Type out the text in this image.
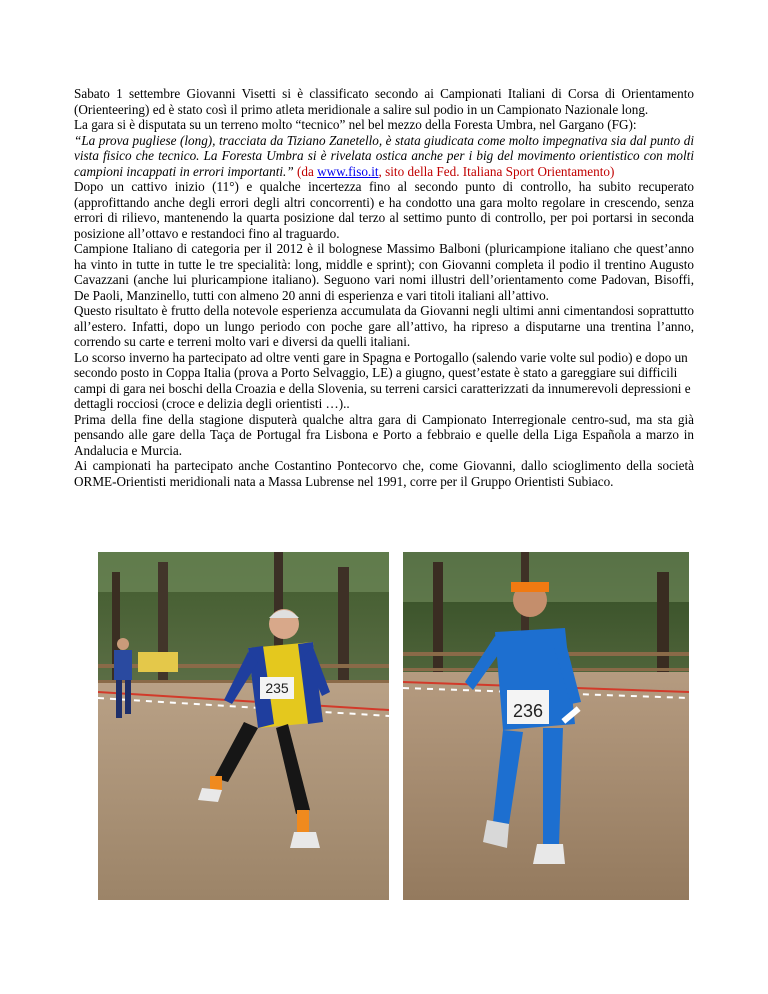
Sabato 1 settembre Giovanni Visetti si è classificato secondo ai Campionati Italiani di Corsa di Orientamento (Orienteering) ed è stato così il primo atleta meridionale a salire sul podio in un Campionato Nazionale long.

La gara si è disputata su un terreno molto “tecnico” nel bel mezzo della Foresta Umbra, nel Gargano (FG):

“La prova pugliese (long), tracciata da Tiziano Zanetello, è stata giudicata come molto impegnativa sia dal punto di vista fisico che tecnico. La Foresta Umbra si è rivelata ostica anche per i big del movimento orientistico con molti campioni incappati in errori importanti.” (da www.fiso.it, sito della Fed. Italiana Sport Orientamento)

Dopo un cattivo inizio (11°) e qualche incertezza fino al secondo punto di controllo, ha subito recuperato (approfittando anche degli errori degli altri concorrenti) e ha condotto una gara molto regolare in crescendo, senza errori di rilievo, mantenendo la quarta posizione dal terzo al settimo punto di controllo, per poi portarsi in seconda posizione all’ottavo e restandoci fino al traguardo.

Campione Italiano di categoria per il 2012 è il bolognese Massimo Balboni (pluricampione italiano che quest’anno ha vinto in tutte in tutte le tre specialità: long, middle e sprint); con Giovanni completa il podio il trentino Augusto Cavazzani (anche lui pluricampione italiano). Seguono vari nomi illustri dell’orientamento come Padovan, Bisoffi, De Paoli, Manzinello, tutti con almeno 20 anni di esperienza e vari titoli italiani all’attivo.

Questo risultato è frutto della notevole esperienza accumulata da Giovanni negli ultimi anni cimentandosi soprattutto all’estero. Infatti, dopo un lungo periodo con poche gare all’attivo, ha ripreso a disputarne una trentina l’anno, correndo su carte e terreni molto vari e diversi da quelli italiani.

Lo scorso inverno ha partecipato ad oltre venti gare in Spagna e Portogallo (salendo varie volte sul podio) e dopo un secondo posto in Coppa Italia (prova a Porto Selvaggio, LE) a giugno, quest’estate è stato a gareggiare sui difficili campi di gara nei boschi della Croazia e della Slovenia, su terreni carsici caratterizzati da innumerevoli depressioni e dettagli rocciosi (croce e delizia degli orientisti …)..

Prima della fine della stagione disputerà qualche altra gara di Campionato Interregionale centro-sud, ma sta già pensando alle gare della Taça de Portugal fra Lisbona e Porto a febbraio e quelle della Liga Española a marzo in Andalucia e Murcia.

Ai campionati ha partecipato anche Costantino Pontecorvo che, come Giovanni, dallo scioglimento della società ORME-Orientisti meridionali nata a Massa Lubrense nel 1991, corre per il Gruppo Orientisti Subiaco.

235
236
